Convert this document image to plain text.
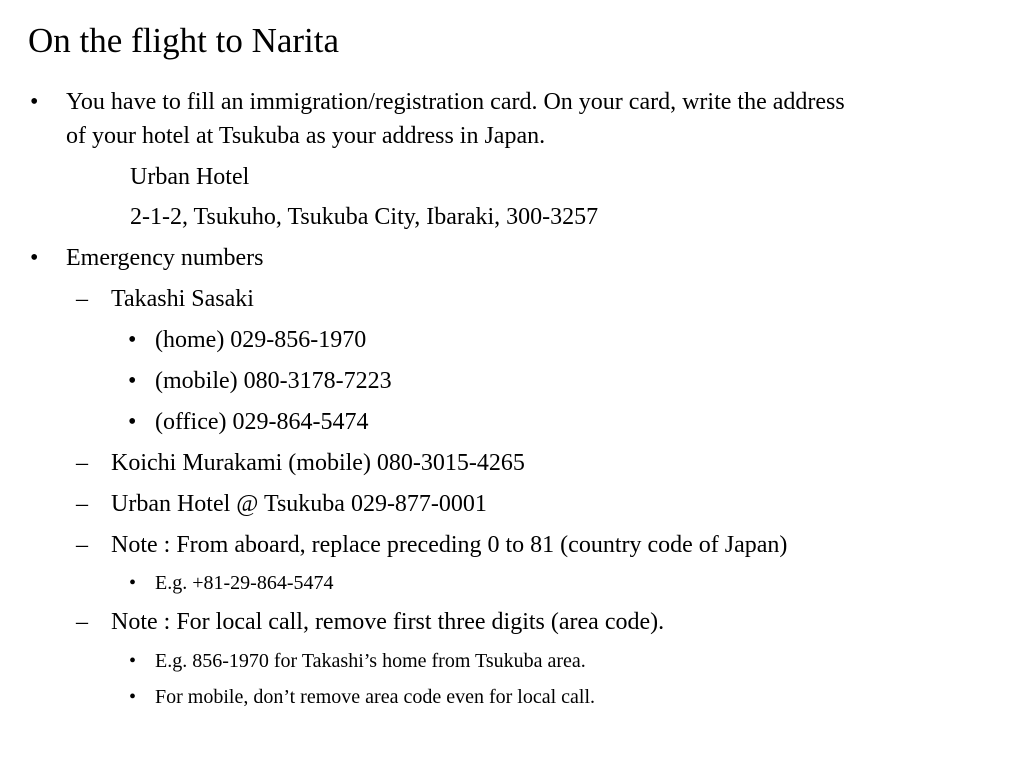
On the flight to Narita
• You have to fill an immigration/registration card. On your card, write the address
of your hotel at Tsukuba as your address in Japan.
Urban Hotel
2-1-2, Tsukuho, Tsukuba City, Ibaraki, 300-3257
• Emergency numbers
– Takashi Sasaki
• (home) 029-856-1970
• (mobile) 080-3178-7223
• (office) 029-864-5474
– Koichi Murakami (mobile) 080-3015-4265
– Urban Hotel @ Tsukuba 029-877-0001
– Note : From aboard, replace preceding 0 to 81 (country code of Japan)
• E.g. +81-29-864-5474
– Note : For local call, remove first three digits (area code).
• E.g. 856-1970 for Takashi’s home from Tsukuba area.
• For mobile, don’t remove area code even for local call.
